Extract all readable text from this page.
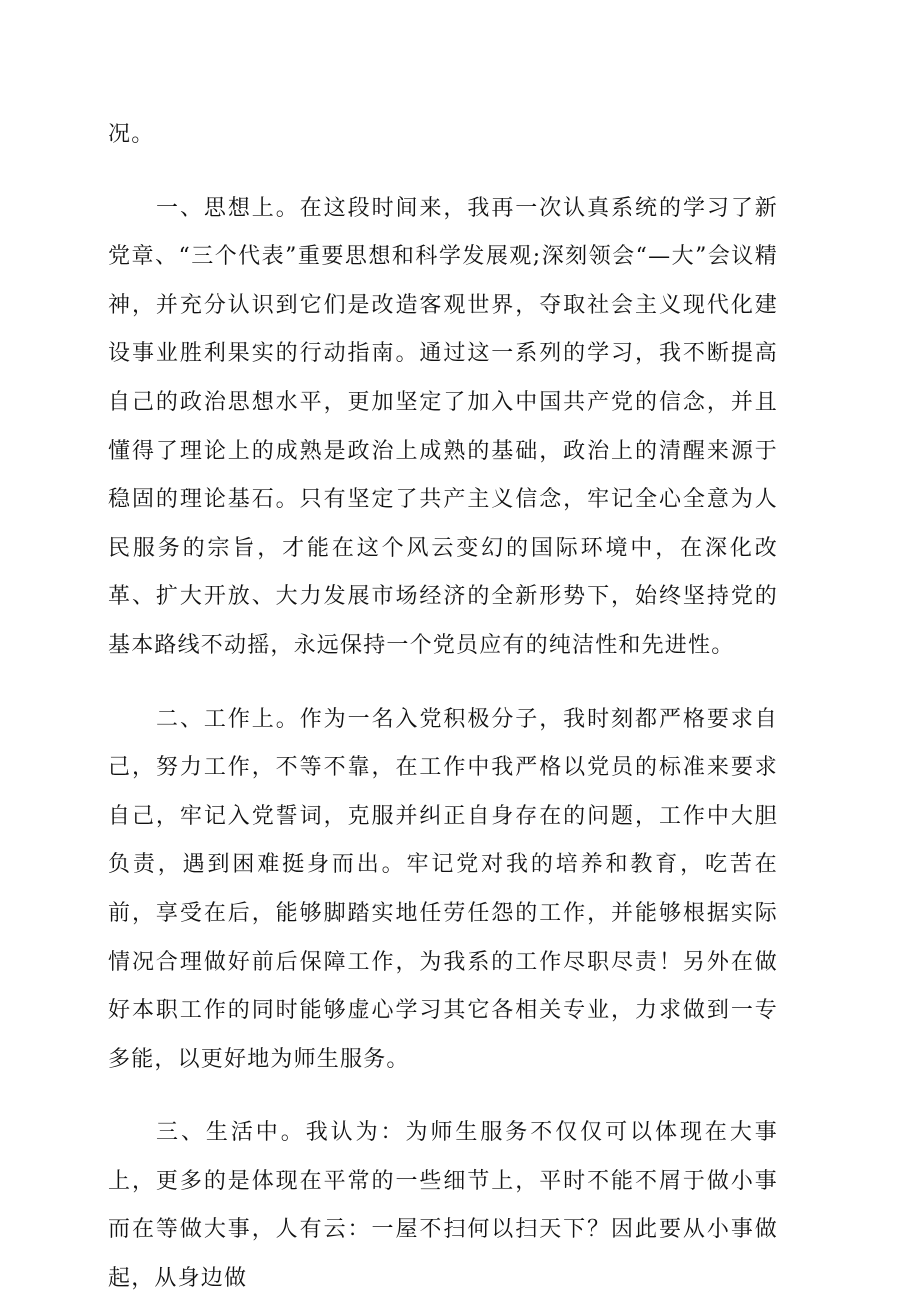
况。

一、思想上。在这段时间来，我再一次认真系统的学习了新党章、“三个代表”重要思想和科学发展观;深刻领会“—大”会议精神，并充分认识到它们是改造客观世界，夺取社会主义现代化建设事业胜利果实的行动指南。通过这一系列的学习，我不断提高自己的政治思想水平，更加坚定了加入中国共产党的信念，并且懂得了理论上的成熟是政治上成熟的基础，政治上的清醒来源于稳固的理论基石。只有坚定了共产主义信念，牢记全心全意为人民服务的宗旨，才能在这个风云变幻的国际环境中，在深化改革、扩大开放、大力发展市场经济的全新形势下，始终坚持党的基本路线不动摇，永远保持一个党员应有的纯洁性和先进性。

二、工作上。作为一名入党积极分子，我时刻都严格要求自己，努力工作，不等不靠，在工作中我严格以党员的标准来要求自己，牢记入党誓词，克服并纠正自身存在的问题，工作中大胆负责，遇到困难挺身而出。牢记党对我的培养和教育，吃苦在前，享受在后，能够脚踏实地任劳任怨的工作，并能够根据实际情况合理做好前后保障工作，为我系的工作尽职尽责！另外在做好本职工作的同时能够虚心学习其它各相关专业，力求做到一专多能，以更好地为师生服务。

三、生活中。我认为：为师生服务不仅仅可以体现在大事上，更多的是体现在平常的一些细节上，平时不能不屑于做小事而在等做大事，人有云：一屋不扫何以扫天下？因此要从小事做起，从身边做
